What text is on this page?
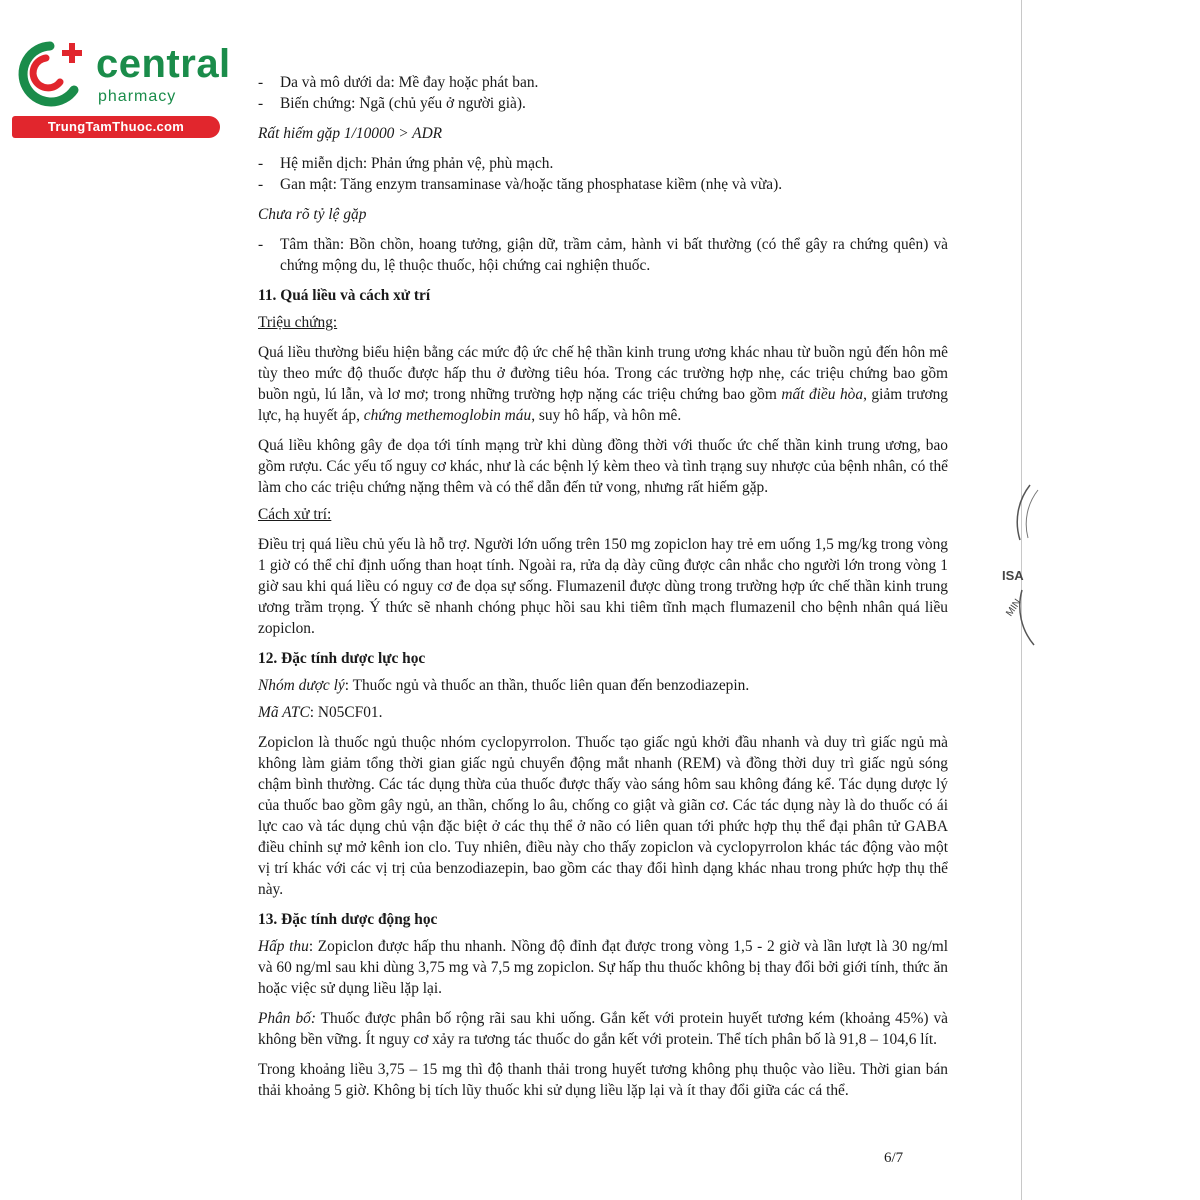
central
pharmacy
TrungTamThuoc.com
ISA
MIN
-	Da và mô dưới da: Mề đay hoặc phát ban.
-	Biến chứng: Ngã (chủ yếu ở người già).

Rất hiếm gặp 1/10000 > ADR

-	Hệ miễn dịch: Phản ứng phản vệ, phù mạch.
-	Gan mật: Tăng enzym transaminase và/hoặc tăng phosphatase kiềm (nhẹ và vừa).

Chưa rõ tỷ lệ gặp

-	Tâm thần: Bồn chồn, hoang tưởng, giận dữ, trầm cảm, hành vi bất thường (có thể gây ra chứng quên) và chứng mộng du, lệ thuộc thuốc, hội chứng cai nghiện thuốc.

11. Quá liều và cách xử trí

Triệu chứng:

Quá liều thường biểu hiện bằng các mức độ ức chế hệ thần kinh trung ương khác nhau từ buồn ngủ đến hôn mê tùy theo mức độ thuốc được hấp thu ở đường tiêu hóa. Trong các trường hợp nhẹ, các triệu chứng bao gồm buồn ngủ, lú lẫn, và lơ mơ; trong những trường hợp nặng các triệu chứng bao gồm mất điều hòa, giảm trương lực, hạ huyết áp, chứng methemoglobin máu, suy hô hấp, và hôn mê.

Quá liều không gây đe dọa tới tính mạng trừ khi dùng đồng thời với thuốc ức chế thần kinh trung ương, bao gồm rượu. Các yếu tố nguy cơ khác, như là các bệnh lý kèm theo và tình trạng suy nhược của bệnh nhân, có thể làm cho các triệu chứng nặng thêm và có thể dẫn đến tử vong, nhưng rất hiếm gặp.

Cách xử trí:

Điều trị quá liều chủ yếu là hỗ trợ. Người lớn uống trên 150 mg zopiclon hay trẻ em uống 1,5 mg/kg trong vòng 1 giờ có thể chỉ định uống than hoạt tính. Ngoài ra, rửa dạ dày cũng được cân nhắc cho người lớn trong vòng 1 giờ sau khi quá liều có nguy cơ đe dọa sự sống. Flumazenil được dùng trong trường hợp ức chế thần kinh trung ương trầm trọng. Ý thức sẽ nhanh chóng phục hồi sau khi tiêm tĩnh mạch flumazenil cho bệnh nhân quá liều zopiclon.

12. Đặc tính dược lực học

Nhóm dược lý: Thuốc ngủ và thuốc an thần, thuốc liên quan đến benzodiazepin.

Mã ATC: N05CF01.

Zopiclon là thuốc ngủ thuộc nhóm cyclopyrrolon. Thuốc tạo giấc ngủ khởi đầu nhanh và duy trì giấc ngủ mà không làm giảm tổng thời gian giấc ngủ chuyển động mắt nhanh (REM) và đồng thời duy trì giấc ngủ sóng chậm bình thường. Các tác dụng thừa của thuốc được thấy vào sáng hôm sau không đáng kể. Tác dụng dược lý của thuốc bao gồm gây ngủ, an thần, chống lo âu, chống co giật và giãn cơ. Các tác dụng này là do thuốc có ái lực cao và tác dụng chủ vận đặc biệt ở các thụ thể ở não có liên quan tới phức hợp thụ thể đại phân tử GABA điều chỉnh sự mở kênh ion clo. Tuy nhiên, điều này cho thấy zopiclon và cyclopyrrolon khác tác động vào một vị trí khác với các vị trị của benzodiazepin, bao gồm các thay đổi hình dạng khác nhau trong phức hợp thụ thể này.

13. Đặc tính dược động học

Hấp thu: Zopiclon được hấp thu nhanh. Nồng độ đỉnh đạt được trong vòng 1,5 - 2 giờ và lần lượt là 30 ng/ml và 60 ng/ml sau khi dùng 3,75 mg và 7,5 mg zopiclon. Sự hấp thu thuốc không bị thay đổi bởi giới tính, thức ăn hoặc việc sử dụng liều lặp lại.

Phân bố: Thuốc được phân bố rộng rãi sau khi uống. Gắn kết với protein huyết tương kém (khoảng 45%) và không bền vững. Ít nguy cơ xảy ra tương tác thuốc do gắn kết với protein. Thể tích phân bố là 91,8 – 104,6 lít.

Trong khoảng liều 3,75 – 15 mg thì độ thanh thải trong huyết tương không phụ thuộc vào liều. Thời gian bán thải khoảng 5 giờ. Không bị tích lũy thuốc khi sử dụng liều lặp lại và ít thay đổi giữa các cá thể.

6/7
